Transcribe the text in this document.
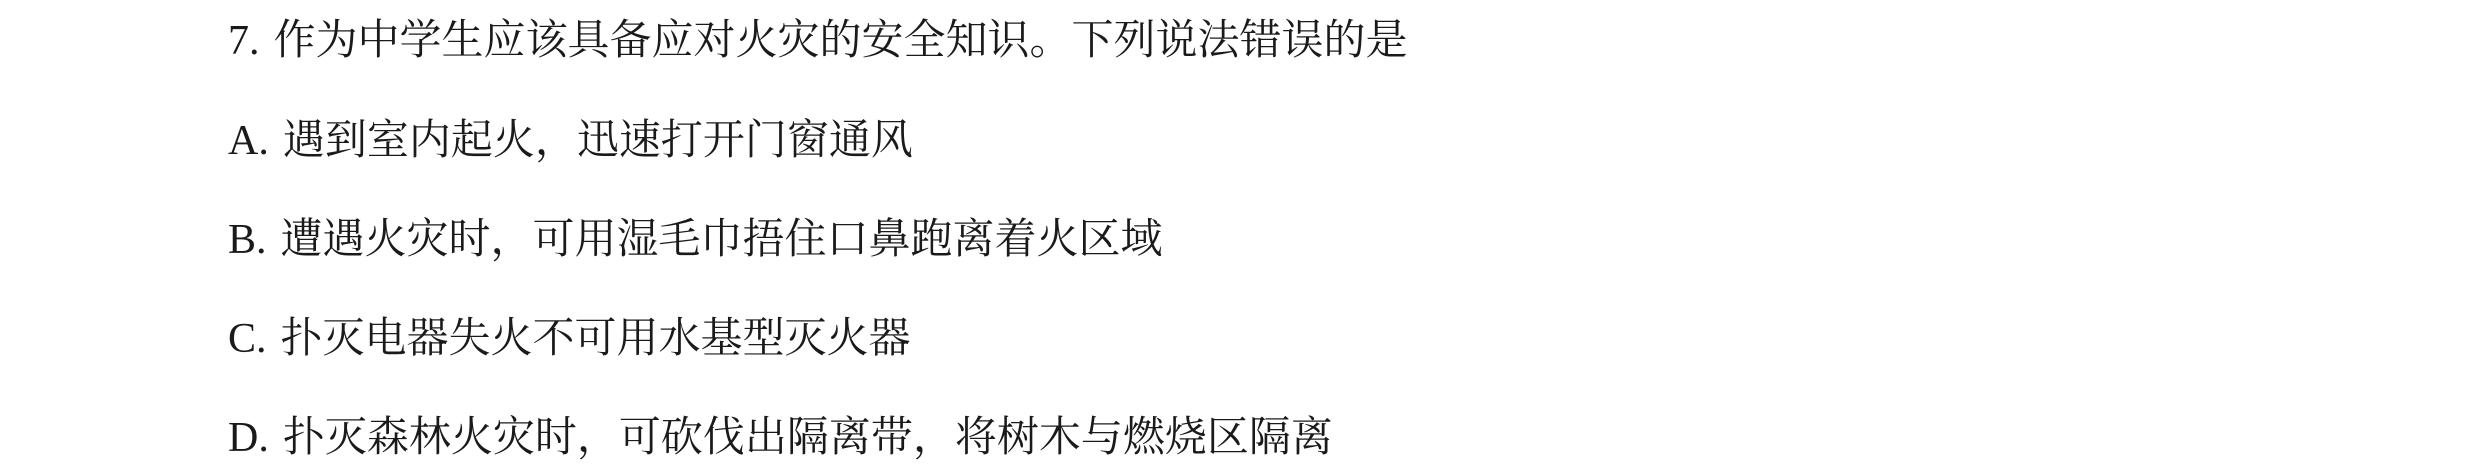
7. 作为中学生应该具备应对火灾的安全知识。下列说法错误的是
A. 遇到室内起火，迅速打开门窗通风
B. 遭遇火灾时，可用湿毛巾捂住口鼻跑离着火区域
C. 扑灭电器失火不可用水基型灭火器
D. 扑灭森林火灾时，可砍伐出隔离带，将树木与燃烧区隔离
